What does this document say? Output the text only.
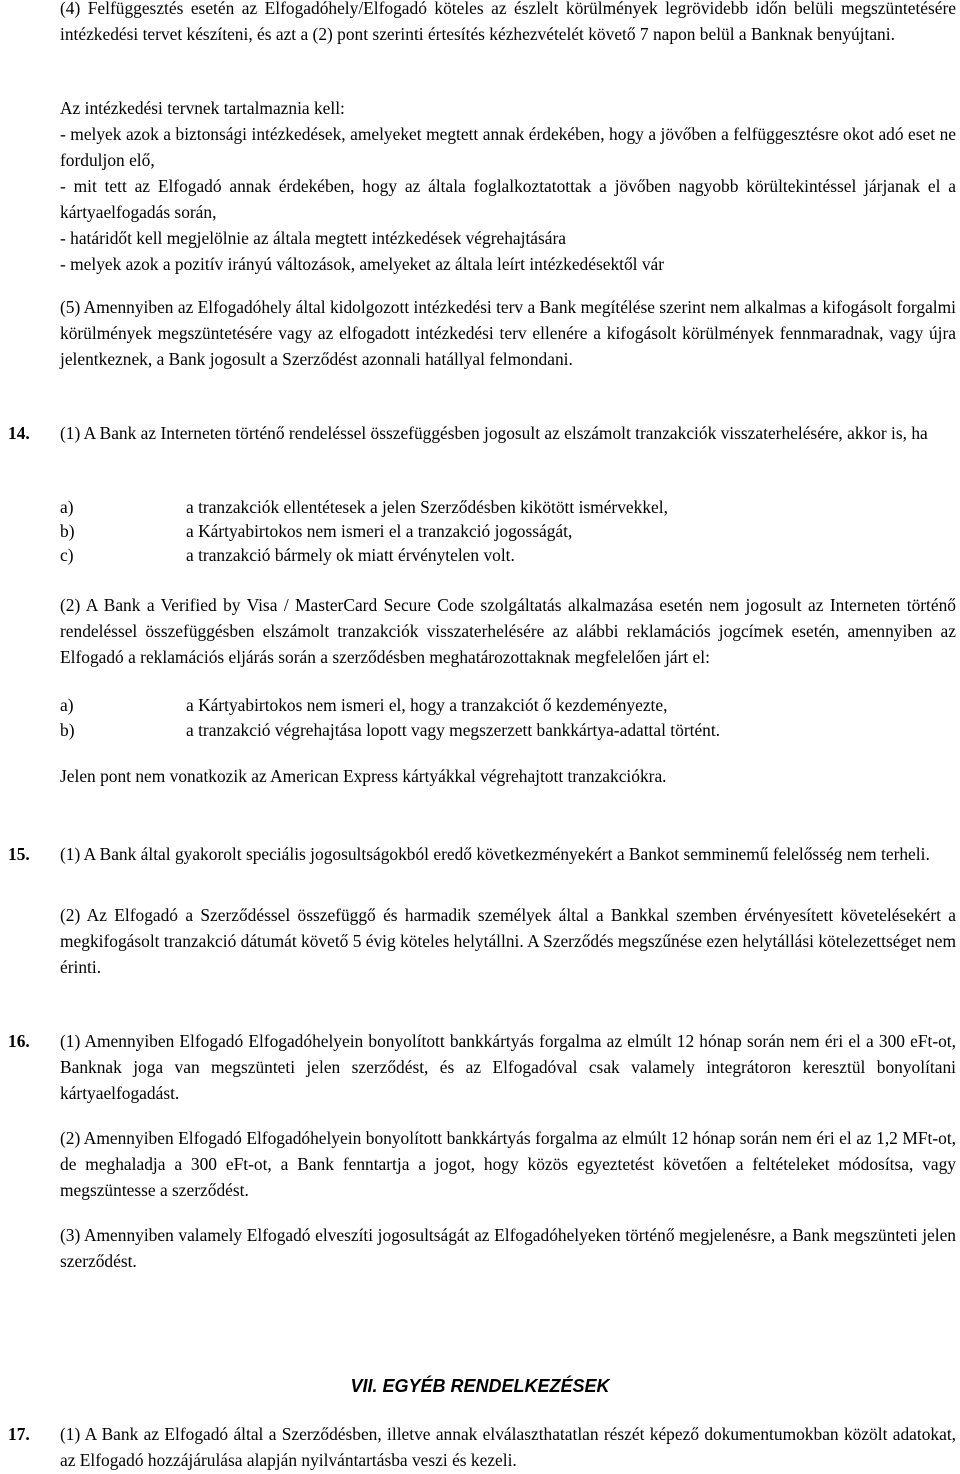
(4) Felfüggesztés esetén az Elfogadóhely/Elfogadó köteles az észlelt körülmények legrövidebb időn belüli megszüntetésére intézkedési tervet készíteni, és azt a (2) pont szerinti értesítés kézhezvételét követő 7 napon belül a Banknak benyújtani.

Az intézkedési tervnek tartalmaznia kell:

- melyek azok a biztonsági intézkedések, amelyeket megtett annak érdekében, hogy a jövőben a felfüggesztésre okot adó eset ne forduljon elő,

- mit tett az Elfogadó annak érdekében, hogy az általa foglalkoztatottak a jövőben nagyobb körültekintéssel járjanak el a kártyaelfogadás során,

- határidőt kell megjelölnie az általa megtett intézkedések végrehajtására

- melyek azok a pozitív irányú változások, amelyeket az általa leírt intézkedésektől vár

(5) Amennyiben az Elfogadóhely által kidolgozott intézkedési terv a Bank megítélése szerint nem alkalmas a kifogásolt forgalmi körülmények megszüntetésére vagy az elfogadott intézkedési terv ellenére a kifogásolt körülmények fennmaradnak, vagy újra jelentkeznek, a Bank jogosult a Szerződést azonnali hatállyal felmondani.

14. (1) A Bank az Interneten történő rendeléssel összefüggésben jogosult az elszámolt tranzakciók visszaterhelésére, akkor is, ha

a)	a tranzakciók ellentétesek a jelen Szerződésben kikötött ismérvekkel,
b)	a Kártyabirtokos nem ismeri el a tranzakció jogosságát,
c)	a tranzakció bármely ok miatt érvénytelen volt.

(2) A Bank a Verified by Visa / MasterCard Secure Code szolgáltatás alkalmazása esetén nem jogosult az Interneten történő rendeléssel összefüggésben elszámolt tranzakciók visszaterhelésére az alábbi reklamációs jogcímek esetén, amennyiben az Elfogadó a reklamációs eljárás során a szerződésben meghatározottaknak megfelelően járt el:

a)	a Kártyabirtokos nem ismeri el, hogy a tranzakciót ő kezdeményezte,
b)	a tranzakció végrehajtása lopott vagy megszerzett bankkártya-adattal történt.

Jelen pont nem vonatkozik az American Express kártyákkal végrehajtott tranzakciókra.

15. (1) A Bank által gyakorolt speciális jogosultságokból eredő következményekért a Bankot semminemű felelősség nem terheli.

(2) Az Elfogadó a Szerződéssel összefüggő és harmadik személyek által a Bankkal szemben érvényesített követelésekért a megkifogásolt tranzakció dátumát követő 5 évig köteles helytállni. A Szerződés megszűnése ezen helytállási kötelezettséget nem érinti.

16. (1) Amennyiben Elfogadó Elfogadóhelyein bonyolított bankkártyás forgalma az elmúlt 12 hónap során nem éri el a 300 eFt-ot, Banknak joga van megszünteti jelen szerződést, és az Elfogadóval csak valamely integrátoron keresztül bonyolítani kártyaelfogadást.

(2) Amennyiben Elfogadó Elfogadóhelyein bonyolított bankkártyás forgalma az elmúlt 12 hónap során nem éri el az 1,2 MFt-ot, de meghaladja a 300 eFt-ot, a Bank fenntartja a jogot, hogy közös egyeztetést követően a feltételeket módosítsa, vagy megszüntesse a szerződést.

(3) Amennyiben valamely Elfogadó elveszíti jogosultságát az Elfogadóhelyeken történő megjelenésre, a Bank megszünteti jelen szerződést.

VII. EGYÉB RENDELKEZÉSEK
17. (1) A Bank az Elfogadó által a Szerződésben, illetve annak elválaszthatatlan részét képező dokumentumokban közölt adatokat, az Elfogadó hozzájárulása alapján nyilvántartásba veszi és kezeli.
